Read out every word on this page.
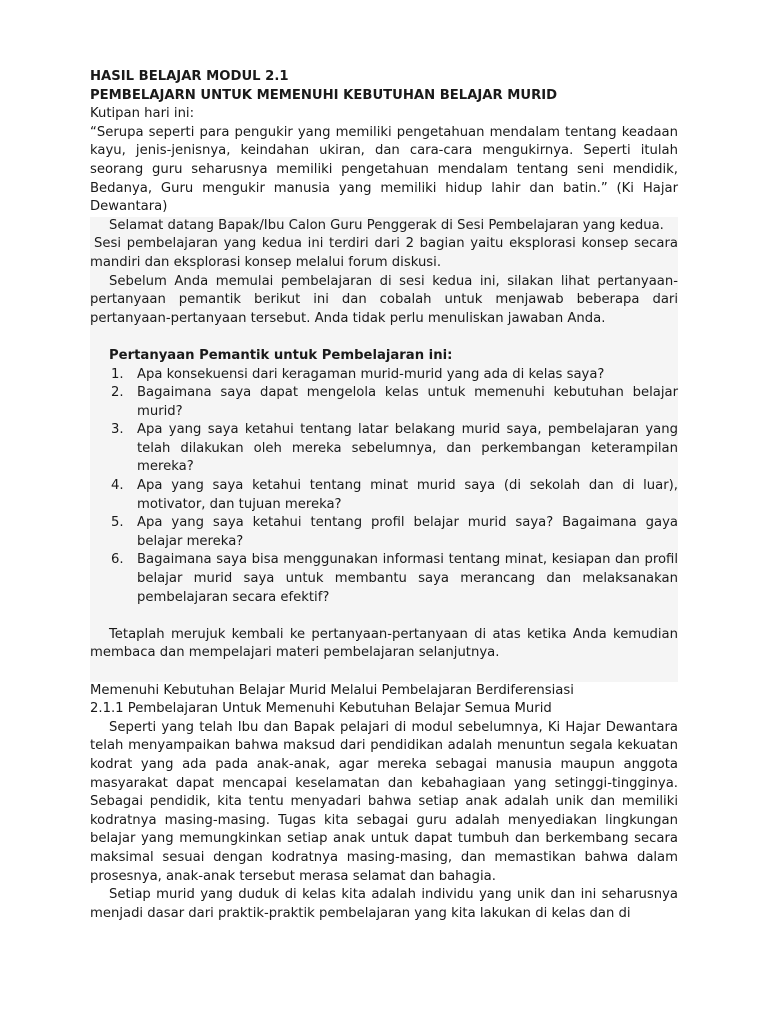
HASIL BELAJAR MODUL 2.1

PEMBELAJARN UNTUK MEMENUHI KEBUTUHAN BELAJAR MURID

Kutipan hari ini:

“Serupa seperti para pengukir yang memiliki pengetahuan mendalam tentang keadaan kayu, jenis-jenisnya, keindahan ukiran, dan cara-cara mengukirnya. Seperti itulah seorang guru seharusnya memiliki pengetahuan mendalam tentang seni mendidik, Bedanya, Guru mengukir manusia yang memiliki hidup lahir dan batin.” (Ki Hajar Dewantara)

Selamat datang Bapak/Ibu Calon Guru Penggerak di Sesi Pembelajaran yang kedua.

Sesi pembelajaran yang kedua ini terdiri dari 2 bagian yaitu eksplorasi konsep secara mandiri dan eksplorasi konsep melalui forum diskusi.

Sebelum Anda memulai pembelajaran di sesi kedua ini, silakan lihat pertanyaan-pertanyaan pemantik berikut ini dan cobalah untuk menjawab beberapa dari pertanyaan-pertanyaan tersebut. Anda tidak perlu menuliskan jawaban Anda.

Pertanyaan Pemantik untuk Pembelajaran ini:

1. Apa konsekuensi dari keragaman murid-murid yang ada di kelas saya?
2. Bagaimana saya dapat mengelola kelas untuk memenuhi kebutuhan belajar murid?
3. Apa yang saya ketahui tentang latar belakang murid saya, pembelajaran yang telah dilakukan oleh mereka sebelumnya, dan perkembangan keterampilan mereka?
4. Apa yang saya ketahui tentang minat murid saya (di sekolah dan di luar), motivator, dan tujuan mereka?
5. Apa yang saya ketahui tentang profil belajar murid saya? Bagaimana gaya belajar mereka?
6. Bagaimana saya bisa menggunakan informasi tentang minat, kesiapan dan profil belajar murid saya untuk membantu saya merancang dan melaksanakan pembelajaran secara efektif?

Tetaplah merujuk kembali ke pertanyaan-pertanyaan di atas ketika Anda kemudian membaca dan mempelajari materi pembelajaran selanjutnya.

Memenuhi Kebutuhan Belajar Murid Melalui Pembelajaran Berdiferensiasi

2.1.1 Pembelajaran Untuk Memenuhi Kebutuhan Belajar Semua Murid

Seperti yang telah Ibu dan Bapak pelajari di modul sebelumnya, Ki Hajar Dewantara telah menyampaikan bahwa maksud dari pendidikan adalah menuntun segala kekuatan kodrat yang ada pada anak-anak, agar mereka sebagai manusia maupun anggota masyarakat dapat mencapai keselamatan dan kebahagiaan yang setinggi-tingginya. Sebagai pendidik, kita tentu menyadari bahwa setiap anak adalah unik dan memiliki kodratnya masing-masing. Tugas kita sebagai guru adalah menyediakan lingkungan belajar yang memungkinkan setiap anak untuk dapat tumbuh dan berkembang secara maksimal sesuai dengan kodratnya masing-masing, dan memastikan bahwa dalam prosesnya, anak-anak tersebut merasa selamat dan bahagia.

Setiap murid yang duduk di kelas kita adalah individu yang unik dan ini seharusnya menjadi dasar dari praktik-praktik pembelajaran yang kita lakukan di kelas dan di
